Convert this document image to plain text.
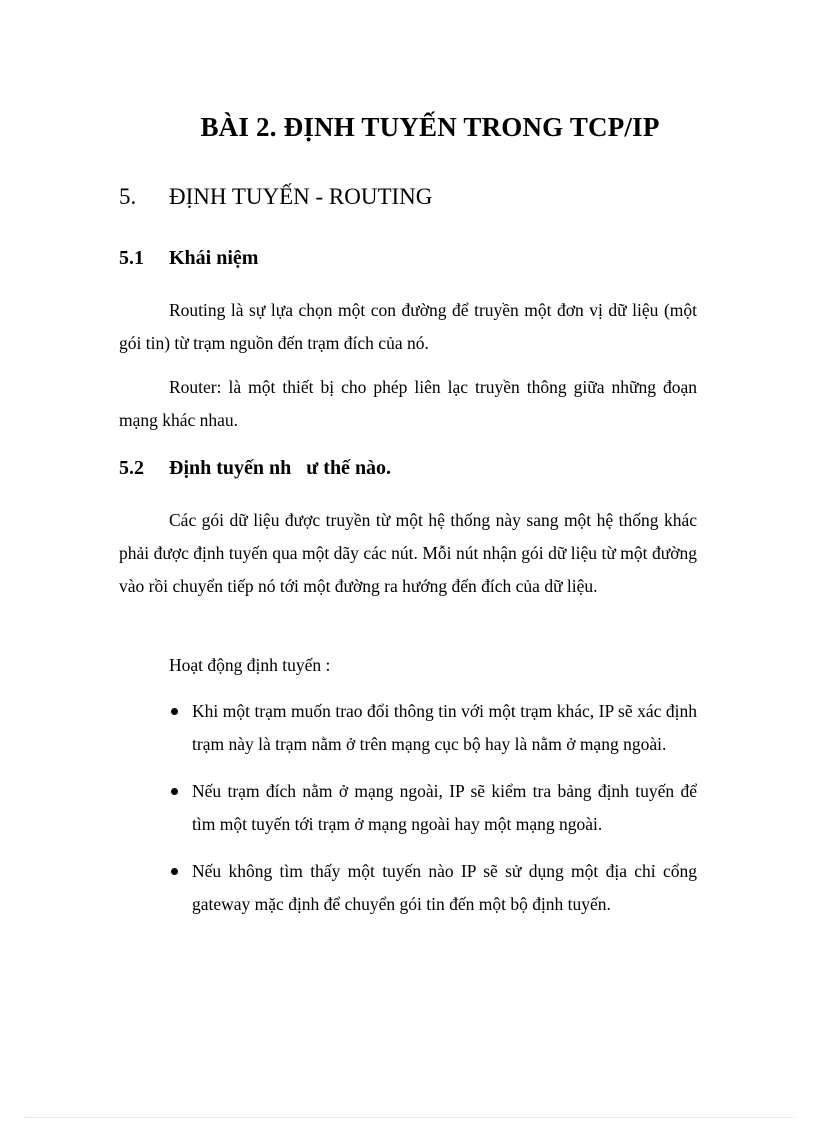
BÀI 2. ĐỊNH TUYẾN TRONG TCP/IP
5. ĐỊNH TUYẾN - ROUTING
5.1 Khái niệm

Routing là sự lựa chọn một con đường để truyền một đơn vị dữ liệu (một gói tin) từ trạm nguồn đến trạm đích của nó.

Router: là một thiết bị cho phép liên lạc truyền thông giữa những đoạn mạng khác nhau.

5.2 Định tuyến nh   ư thế nào.

Các gói dữ liệu được truyền từ một hệ thống này sang một hệ thống khác phải được định tuyến qua một dãy các nút. Mỗi nút nhận gói dữ liệu từ một đường vào rồi chuyển tiếp nó tới một đường ra hướng đến đích của dữ liệu.

Hoạt động định tuyến :

Khi một trạm muốn trao đổi thông tin với một trạm khác, IP sẽ xác định trạm này là trạm nằm ở trên mạng cục bộ hay là nằm ở mạng ngoài.
Nếu trạm đích nằm ở mạng ngoài, IP sẽ kiểm tra bảng định tuyến để tìm một tuyến tới trạm ở mạng ngoài hay một mạng ngoài.
Nếu không tìm thấy một tuyến nào IP sẽ sử dụng một địa chỉ cổng gateway mặc định để chuyển gói tin đến một bộ định tuyến.
